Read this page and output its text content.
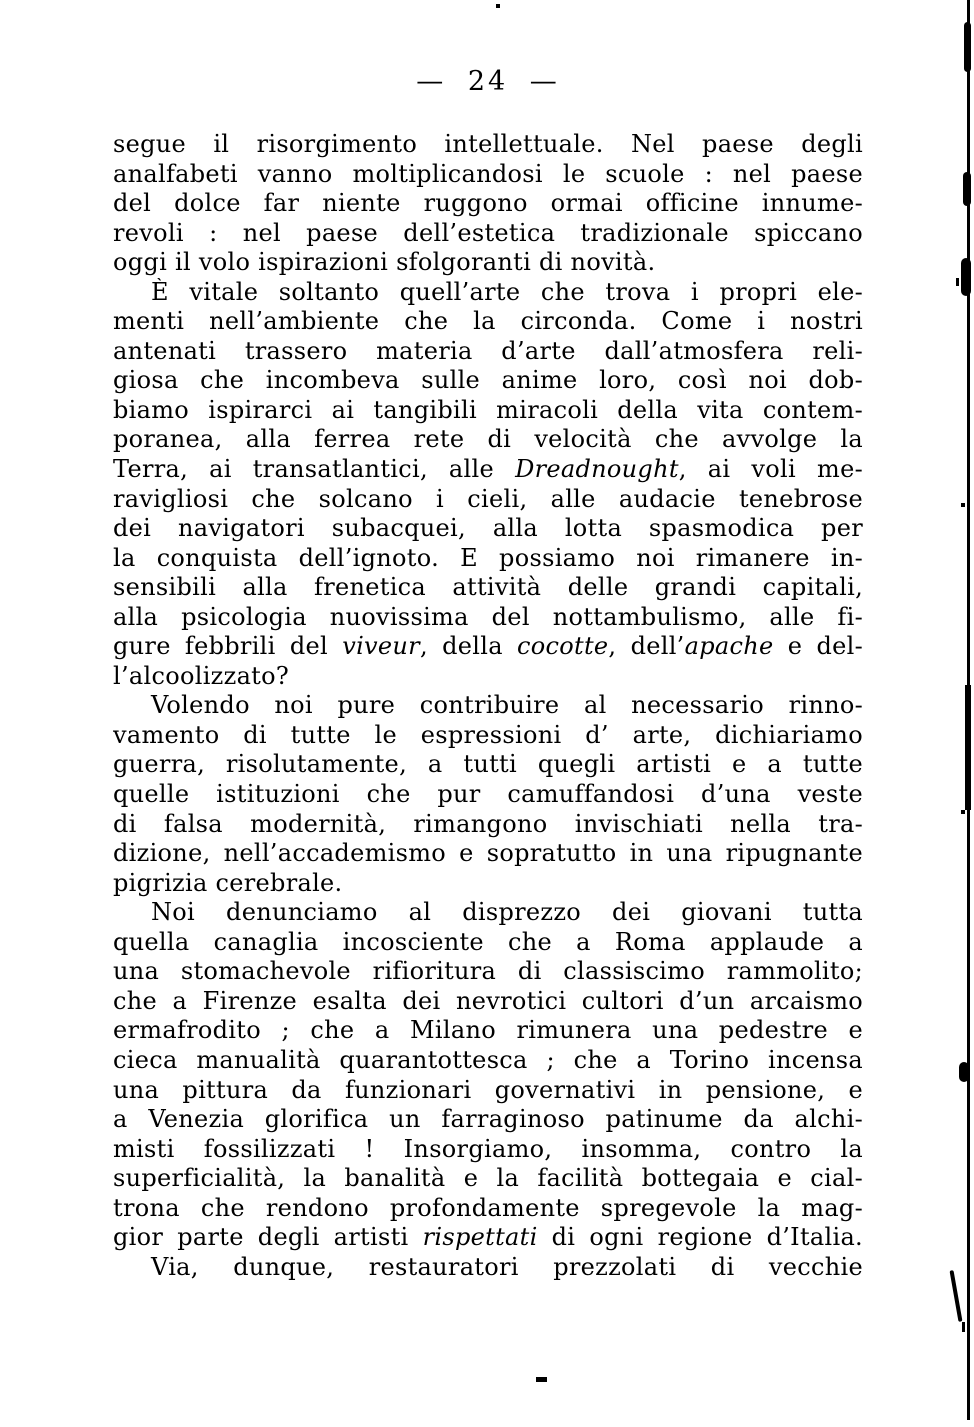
— 24 —
segue il risorgimento intellettuale. Nel paese degli
analfabeti vanno moltiplicandosi le scuole : nel paese
del dolce far niente ruggono ormai officine innume-
revoli : nel paese dell’estetica tradizionale spiccano
oggi il volo ispirazioni sfolgoranti di novità.
È vitale soltanto quell’arte che trova i propri ele-
menti nell’ambiente che la circonda. Come i nostri
antenati trassero materia d’arte dall’atmosfera reli-
giosa che incombeva sulle anime loro, così noi dob-
biamo ispirarci ai tangibili miracoli della vita contem-
poranea, alla ferrea rete di velocità che avvolge la
Terra, ai transatlantici, alle Dreadnought, ai voli me-
ravigliosi che solcano i cieli, alle audacie tenebrose
dei navigatori subacquei, alla lotta spasmodica per
la conquista dell’ignoto. E possiamo noi rimanere in-
sensibili alla frenetica attività delle grandi capitali,
alla psicologia nuovissima del nottambulismo, alle fi-
gure febbrili del viveur, della cocotte, dell’apache e del-
l’alcoolizzato?
Volendo noi pure contribuire al necessario rinno-
vamento di tutte le espressioni d’ arte, dichiariamo
guerra, risolutamente, a tutti quegli artisti e a tutte
quelle istituzioni che pur camuffandosi d’una veste
di falsa modernità, rimangono invischiati nella tra-
dizione, nell’accademismo e sopratutto in una ripugnante
pigrizia cerebrale.
Noi denunciamo al disprezzo dei giovani tutta
quella canaglia incosciente che a Roma applaude a
una stomachevole rifioritura di classiscimo rammolito;
che a Firenze esalta dei nevrotici cultori d’un arcaismo
ermafrodito ; che a Milano rimunera una pedestre e
cieca manualità quarantottesca ; che a Torino incensa
una pittura da funzionari governativi in pensione, e
a Venezia glorifica un farraginoso patinume da alchi-
misti fossilizzati ! Insorgiamo, insomma, contro la
superficialità, la banalità e la facilità bottegaia e cial-
trona che rendono profondamente spregevole la mag-
gior parte degli artisti rispettati di ogni regione d’Italia.
Via, dunque, restauratori prezzolati di vecchie
